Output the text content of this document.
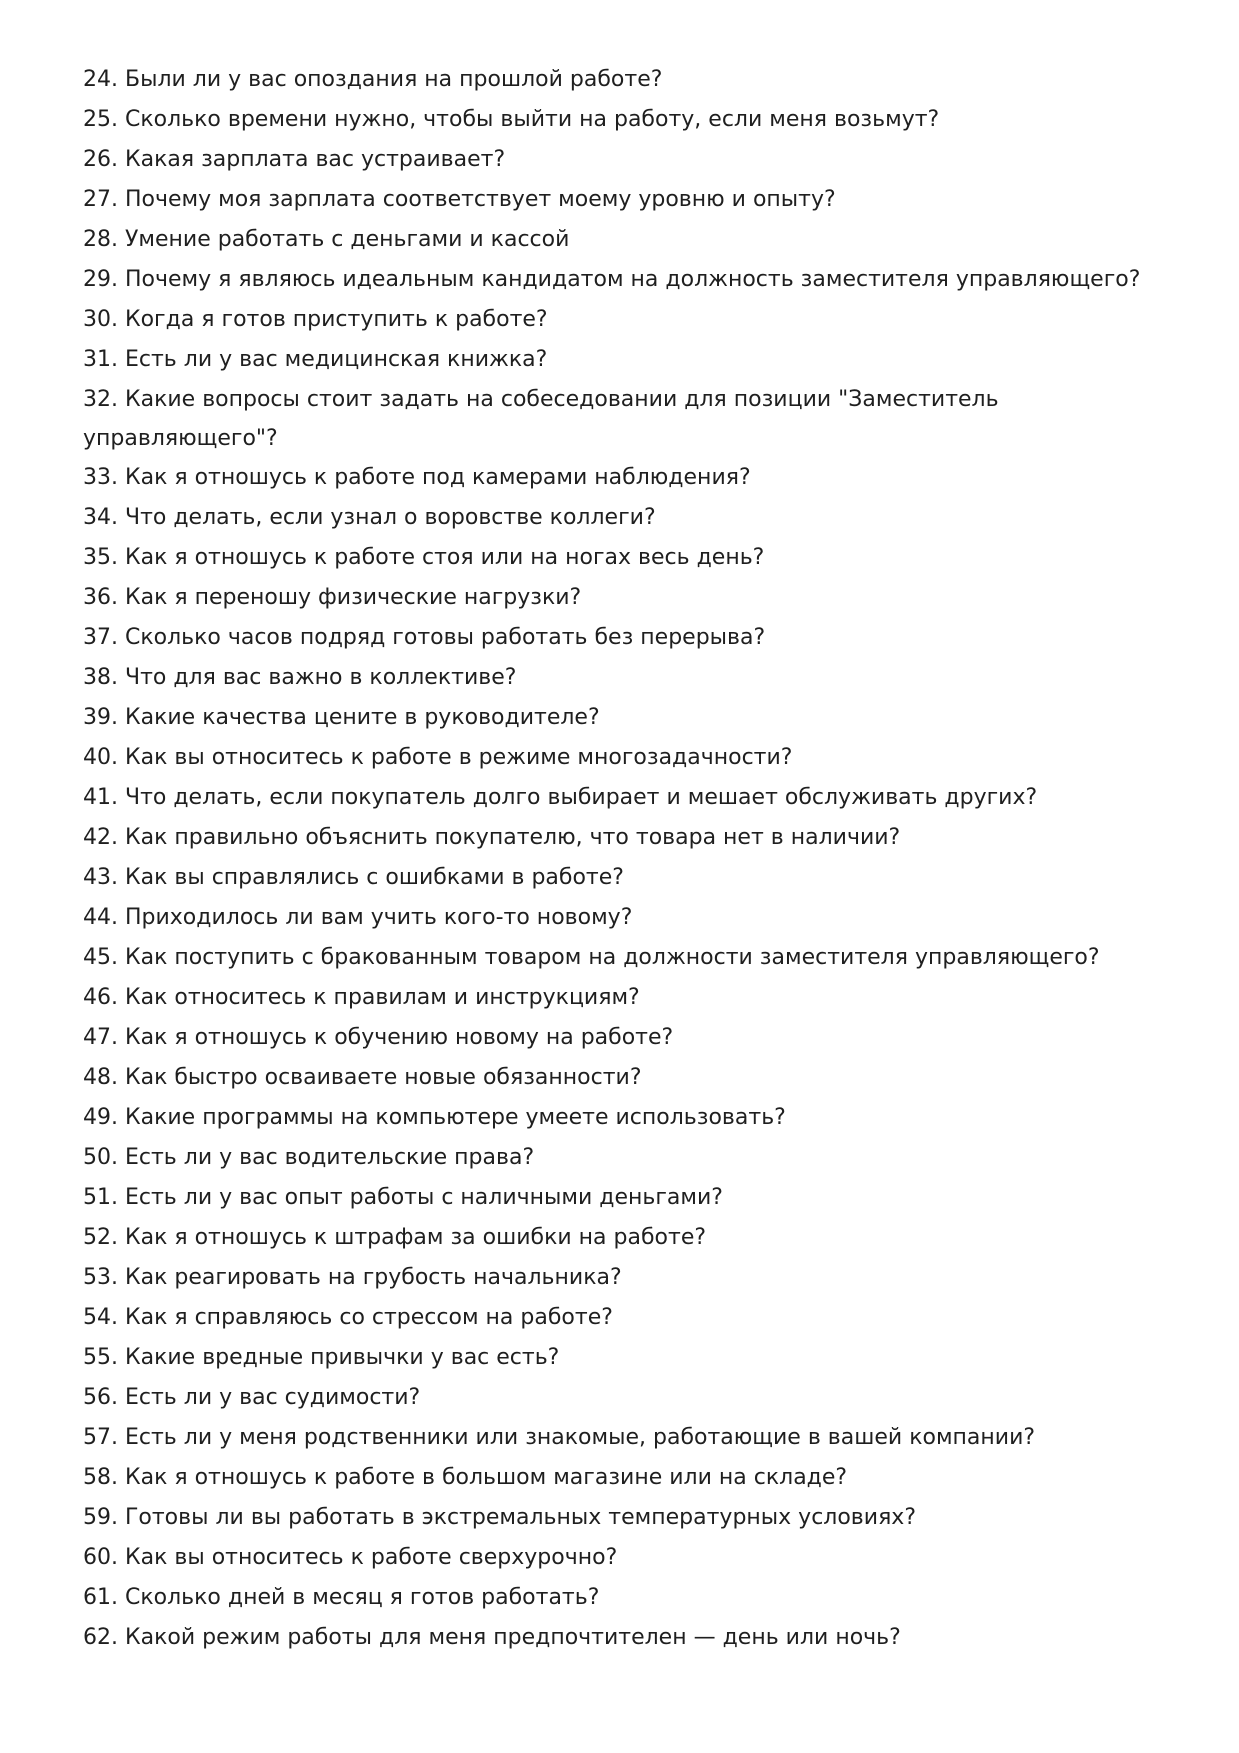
24. Были ли у вас опоздания на прошлой работе?
25. Сколько времени нужно, чтобы выйти на работу, если меня возьмут?
26. Какая зарплата вас устраивает?
27. Почему моя зарплата соответствует моему уровню и опыту?
28. Умение работать с деньгами и кассой
29. Почему я являюсь идеальным кандидатом на должность заместителя управляющего?
30. Когда я готов приступить к работе?
31. Есть ли у вас медицинская книжка?
32. Какие вопросы стоит задать на собеседовании для позиции "Заместитель управляющего"?
33. Как я отношусь к работе под камерами наблюдения?
34. Что делать, если узнал о воровстве коллеги?
35. Как я отношусь к работе стоя или на ногах весь день?
36. Как я переношу физические нагрузки?
37. Сколько часов подряд готовы работать без перерыва?
38. Что для вас важно в коллективе?
39. Какие качества цените в руководителе?
40. Как вы относитесь к работе в режиме многозадачности?
41. Что делать, если покупатель долго выбирает и мешает обслуживать других?
42. Как правильно объяснить покупателю, что товара нет в наличии?
43. Как вы справлялись с ошибками в работе?
44. Приходилось ли вам учить кого-то новому?
45. Как поступить с бракованным товаром на должности заместителя управляющего?
46. Как относитесь к правилам и инструкциям?
47. Как я отношусь к обучению новому на работе?
48. Как быстро осваиваете новые обязанности?
49. Какие программы на компьютере умеете использовать?
50. Есть ли у вас водительские права?
51. Есть ли у вас опыт работы с наличными деньгами?
52. Как я отношусь к штрафам за ошибки на работе?
53. Как реагировать на грубость начальника?
54. Как я справляюсь со стрессом на работе?
55. Какие вредные привычки у вас есть?
56. Есть ли у вас судимости?
57. Есть ли у меня родственники или знакомые, работающие в вашей компании?
58. Как я отношусь к работе в большом магазине или на складе?
59. Готовы ли вы работать в экстремальных температурных условиях?
60. Как вы относитесь к работе сверхурочно?
61. Сколько дней в месяц я готов работать?
62. Какой режим работы для меня предпочтителен — день или ночь?
